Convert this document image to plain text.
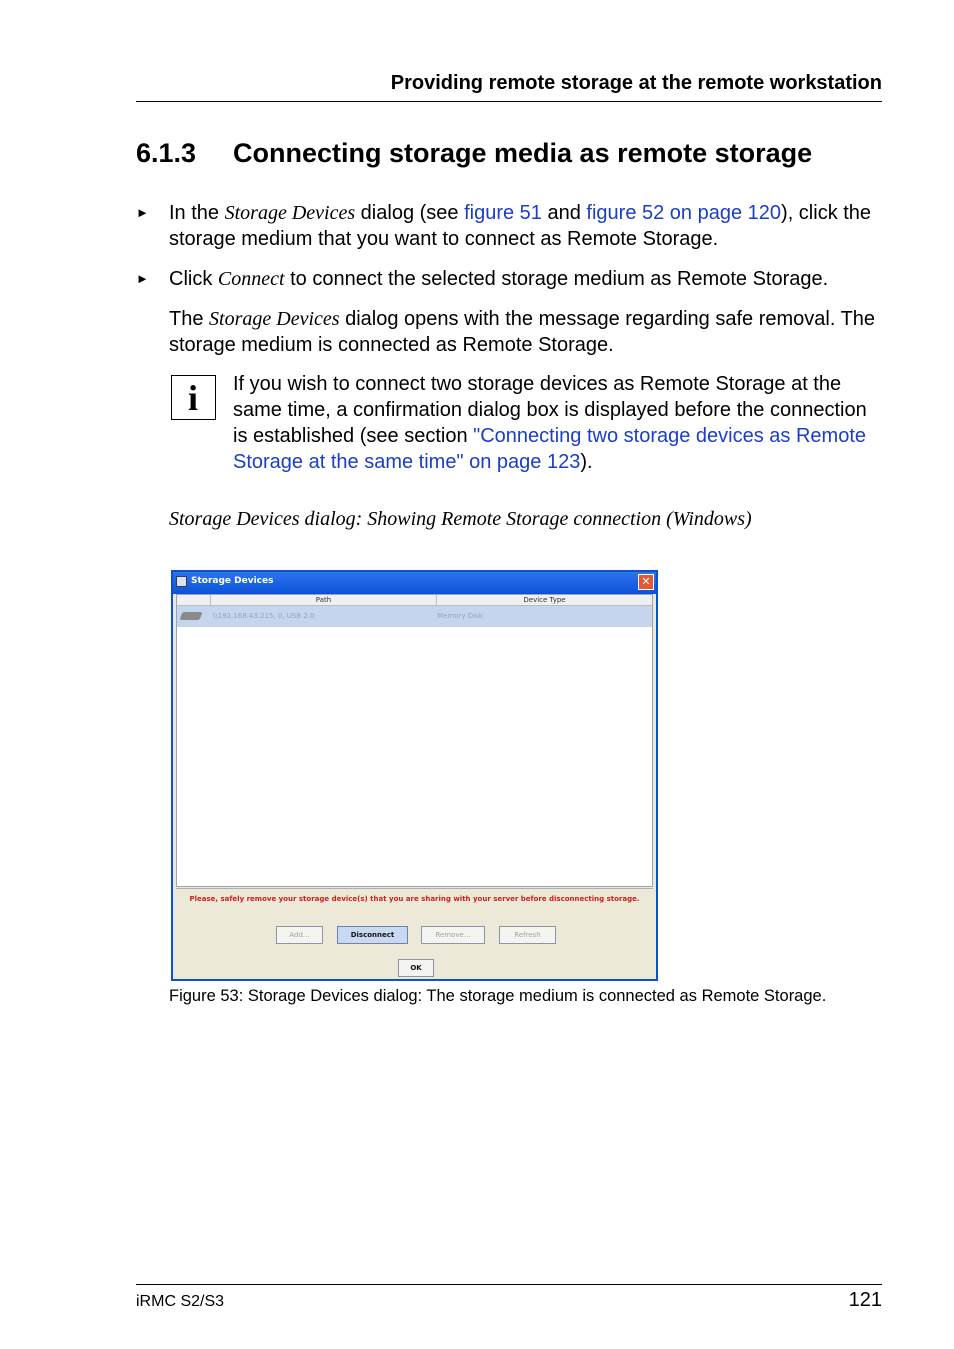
Providing remote storage at the remote workstation
6.1.3 Connecting storage media as remote storage
► In the Storage Devices dialog (see figure 51 and figure 52 on page 120), click the storage medium that you want to connect as Remote Storage.
► Click Connect to connect the selected storage medium as Remote Storage.
The Storage Devices dialog opens with the message regarding safe removal. The storage medium is connected as Remote Storage.
i	If you wish to connect two storage devices as Remote Storage at the same time, a confirmation dialog box is displayed before the connection is established (see section "Connecting two storage devices as Remote Storage at the same time" on page 123).
Storage Devices dialog: Showing Remote Storage connection (Windows)
Storage Devices	✕
Path	Device Type
\\192.168.43.215, 0, USB 2.0	Memory Disk
Please, safely remove your storage device(s) that you are sharing with your server before disconnecting storage.
Add...	Disconnect	Remove...	Refresh
OK
Figure 53: Storage Devices dialog: The storage medium is connected as Remote Storage.
iRMC S2/S3	121
